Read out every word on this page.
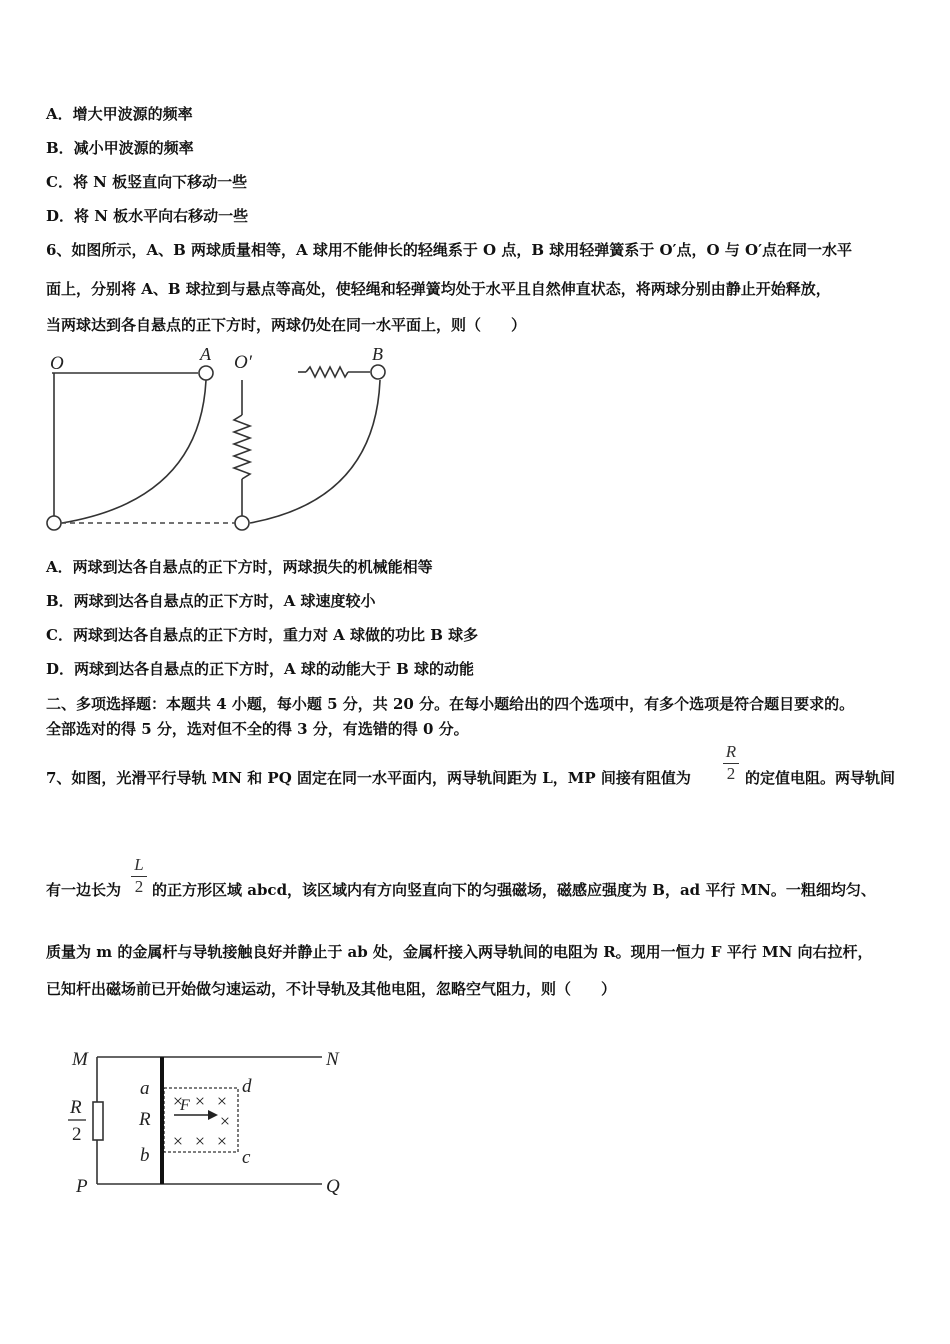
A．增大甲波源的频率
B．减小甲波源的频率
C．将 N 板竖直向下移动一些
D．将 N 板水平向右移动一些
6、如图所示，A、B 两球质量相等，A 球用不能伸长的轻绳系于 O 点，B 球用轻弹簧系于 O′点，O 与 O′点在同一水平
面上，分别将 A、B 球拉到与悬点等高处，使轻绳和轻弹簧均处于水平且自然伸直状态，将两球分别由静止开始释放，
当两球达到各自悬点的正下方时，两球仍处在同一水平面上，则（　　）
O	A O′	B
A．两球到达各自悬点的正下方时，两球损失的机械能相等
B．两球到达各自悬点的正下方时，A 球速度较小
C．两球到达各自悬点的正下方时，重力对 A 球做的功比 B 球多
D．两球到达各自悬点的正下方时，A 球的动能大于 B 球的动能
二、多项选择题：本题共 4 小题，每小题 5 分，共 20 分。在每小题给出的四个选项中，有多个选项是符合题目要求的。
全部选对的得 5 分，选对但不全的得 3 分，有选错的得 0 分。
7、如图，光滑平行导轨 MN 和 PQ 固定在同一水平面内，两导轨间距为 L，MP 间接有阻值为 $\frac{R}{2}$ 的定值电阻。两导轨间
有一边长为 $\frac{L}{2}$ 的正方形区域 abcd，该区域内有方向竖直向下的匀强磁场，磁感应强度为 B，ad 平行 MN。一粗细均匀、
质量为 m 的金属杆与导轨接触良好并静止于 ab 处，金属杆接入两导轨间的电阻为 R。现用一恒力 F 平行 MN 向右拉杆，
已知杆出磁场前已开始做匀速运动，不计导轨及其他电阻，忽略空气阻力，则（　　）
× × ×
×
× × ×
M	N
P	Q
a
R
b
d
c
F
R
2
